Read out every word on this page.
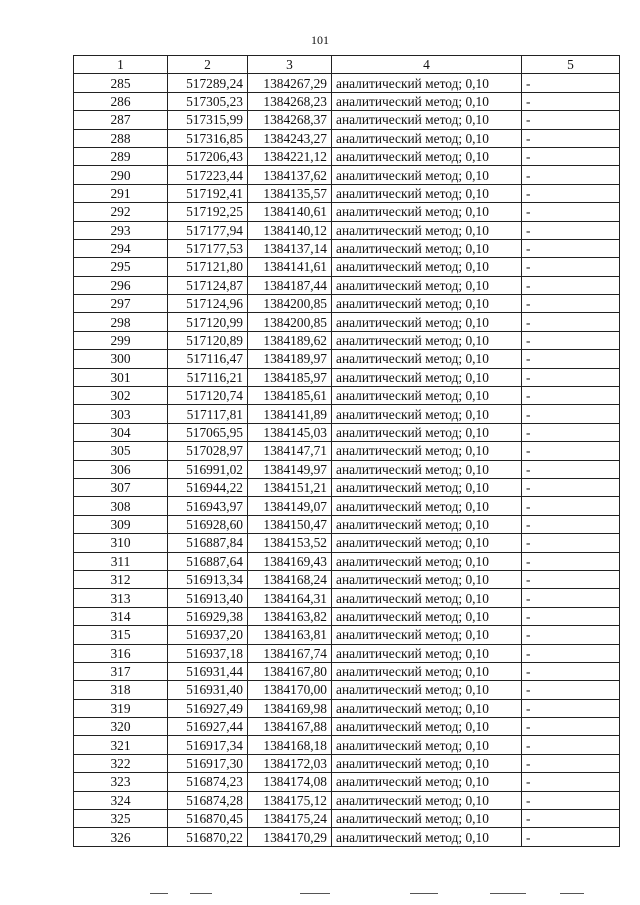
101
1	2	3	4	5
285	517289,24	1384267,29	аналитический метод; 0,10	-
286	517305,23	1384268,23	аналитический метод; 0,10	-
287	517315,99	1384268,37	аналитический метод; 0,10	-
288	517316,85	1384243,27	аналитический метод; 0,10	-
289	517206,43	1384221,12	аналитический метод; 0,10	-
290	517223,44	1384137,62	аналитический метод; 0,10	-
291	517192,41	1384135,57	аналитический метод; 0,10	-
292	517192,25	1384140,61	аналитический метод; 0,10	-
293	517177,94	1384140,12	аналитический метод; 0,10	-
294	517177,53	1384137,14	аналитический метод; 0,10	-
295	517121,80	1384141,61	аналитический метод; 0,10	-
296	517124,87	1384187,44	аналитический метод; 0,10	-
297	517124,96	1384200,85	аналитический метод; 0,10	-
298	517120,99	1384200,85	аналитический метод; 0,10	-
299	517120,89	1384189,62	аналитический метод; 0,10	-
300	517116,47	1384189,97	аналитический метод; 0,10	-
301	517116,21	1384185,97	аналитический метод; 0,10	-
302	517120,74	1384185,61	аналитический метод; 0,10	-
303	517117,81	1384141,89	аналитический метод; 0,10	-
304	517065,95	1384145,03	аналитический метод; 0,10	-
305	517028,97	1384147,71	аналитический метод; 0,10	-
306	516991,02	1384149,97	аналитический метод; 0,10	-
307	516944,22	1384151,21	аналитический метод; 0,10	-
308	516943,97	1384149,07	аналитический метод; 0,10	-
309	516928,60	1384150,47	аналитический метод; 0,10	-
310	516887,84	1384153,52	аналитический метод; 0,10	-
311	516887,64	1384169,43	аналитический метод; 0,10	-
312	516913,34	1384168,24	аналитический метод; 0,10	-
313	516913,40	1384164,31	аналитический метод; 0,10	-
314	516929,38	1384163,82	аналитический метод; 0,10	-
315	516937,20	1384163,81	аналитический метод; 0,10	-
316	516937,18	1384167,74	аналитический метод; 0,10	-
317	516931,44	1384167,80	аналитический метод; 0,10	-
318	516931,40	1384170,00	аналитический метод; 0,10	-
319	516927,49	1384169,98	аналитический метод; 0,10	-
320	516927,44	1384167,88	аналитический метод; 0,10	-
321	516917,34	1384168,18	аналитический метод; 0,10	-
322	516917,30	1384172,03	аналитический метод; 0,10	-
323	516874,23	1384174,08	аналитический метод; 0,10	-
324	516874,28	1384175,12	аналитический метод; 0,10	-
325	516870,45	1384175,24	аналитический метод; 0,10	-
326	516870,22	1384170,29	аналитический метод; 0,10	-
